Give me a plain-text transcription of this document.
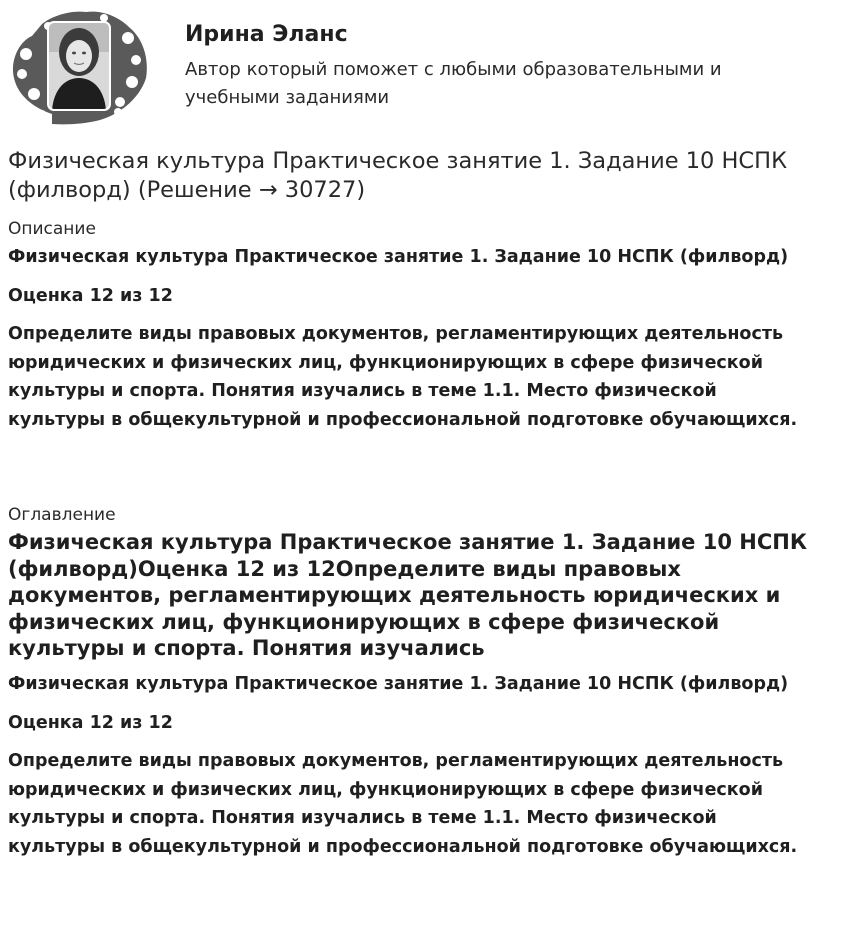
Ирина Эланс
Автор который поможет с любыми образовательными и учебными заданиями
Физическая культура Практическое занятие 1. Задание 10 НСПК (филворд) (Решение → 30727)
Описание

Физическая культура Практическое занятие 1. Задание 10 НСПК (филворд)

Оценка 12 из 12

Определите виды правовых документов, регламентирующих деятельность юридических и физических лиц, функционирующих в сфере физической культуры и спорта. Понятия изучались в теме 1.1. Место физической культуры в общекультурной и профессиональной подготовке обучающихся.

Оглавление
Физическая культура Практическое занятие 1. Задание 10 НСПК (филворд)Оценка 12 из 12Определите виды правовых документов, регламентирующих деятельность юридических и физических лиц, функционирующих в сфере физической культуры и спорта. Понятия изучались

Физическая культура Практическое занятие 1. Задание 10 НСПК (филворд)

Оценка 12 из 12

Определите виды правовых документов, регламентирующих деятельность юридических и физических лиц, функционирующих в сфере физической культуры и спорта. Понятия изучались в теме 1.1. Место физической культуры в общекультурной и профессиональной подготовке обучающихся.
